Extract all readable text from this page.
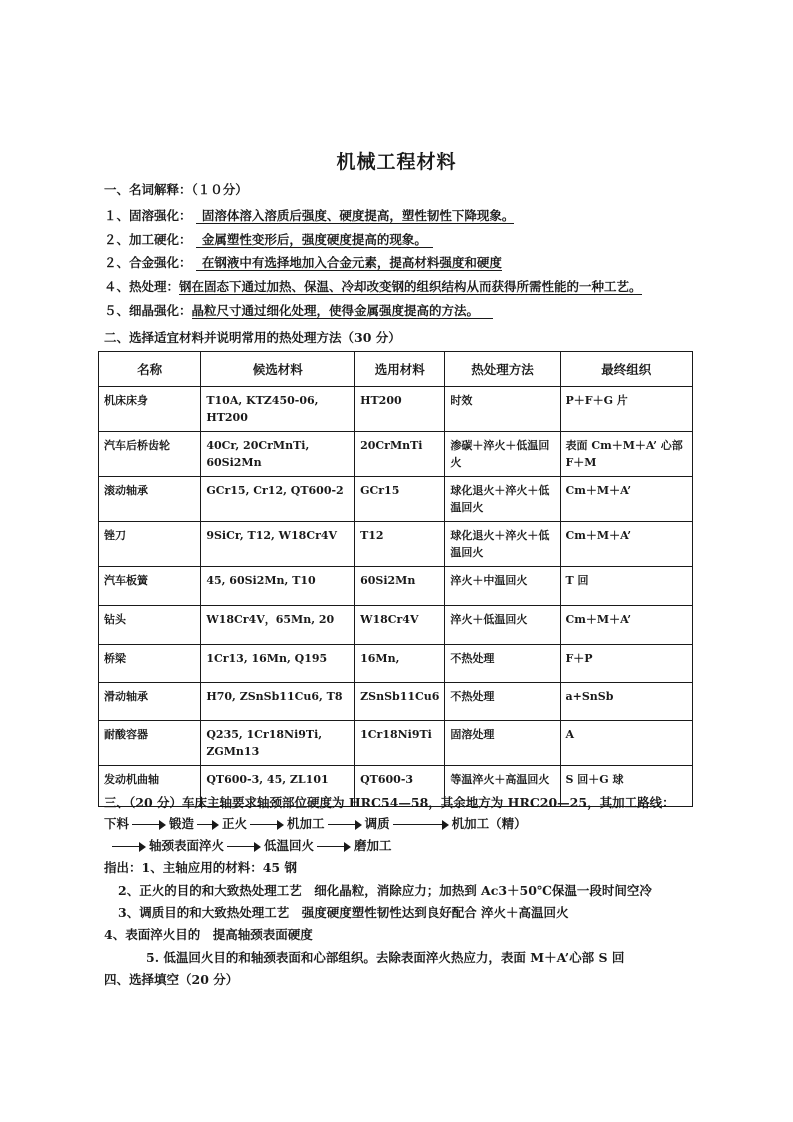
机械工程材料
一、名词解释：（１０分）
１、固溶强化： 固溶体溶入溶质后强度、硬度提高，塑性韧性下降现象。
２、加工硬化： 金属塑性变形后，强度硬度提高的现象。
２、合金强化： 在钢液中有选择地加入合金元素，提高材料强度和硬度
４、热处理：钢在固态下通过加热、保温、冷却改变钢的组织结构从而获得所需性能的一种工艺。
５、细晶强化：晶粒尺寸通过细化处理，使得金属强度提高的方法。
二、选择适宜材料并说明常用的热处理方法（30 分）
名称	候选材料	选用材料	热处理方法	最终组织
机床床身	T10A, KTZ450-06, HT200	HT200	时效	P＋F＋G 片
汽车后桥齿轮	40Cr, 20CrMnTi, 60Si2Mn	20CrMnTi	渗碳＋淬火＋低温回火	表面 Cm＋M＋A’ 心部 F＋M
滚动轴承	GCr15, Cr12, QT600-2	GCr15	球化退火＋淬火＋低温回火	Cm＋M＋A’
锉刀	9SiCr, T12, W18Cr4V	T12	球化退火＋淬火＋低温回火	Cm＋M＋A’
汽车板簧	45, 60Si2Mn, T10	60Si2Mn	淬火＋中温回火	T 回
钻头	W18Cr4V，65Mn, 20	W18Cr4V	淬火＋低温回火	Cm＋M＋A’
桥梁	1Cr13, 16Mn, Q195	16Mn,	不热处理	F＋P
滑动轴承	H70, ZSnSb11Cu6, T8	ZSnSb11Cu6	不热处理	a+SnSb
耐酸容器	Q235, 1Cr18Ni9Ti, ZGMn13	1Cr18Ni9Ti	固溶处理	A
发动机曲轴	QT600-3, 45, ZL101	QT600-3	等温淬火＋高温回火	S 回＋G 球
三、（20 分）车床主轴要求轴颈部位硬度为 HRC54—58，其余地方为 HRC20—25，其加工路线：
下料	锻造 正火	机加工	调质	机加工（精）
轴颈表面淬火	低温回火	磨加工
指出：1、主轴应用的材料：45 钢
2、正火的目的和大致热处理工艺　细化晶粒，消除应力；加热到 Ac3＋50℃保温一段时间空冷
3、调质目的和大致热处理工艺　强度硬度塑性韧性达到良好配合 淬火＋高温回火
4、表面淬火目的　提高轴颈表面硬度
5. 低温回火目的和轴颈表面和心部组织。去除表面淬火热应力，表面 M＋A’心部 S 回
四、选择填空（20 分）
